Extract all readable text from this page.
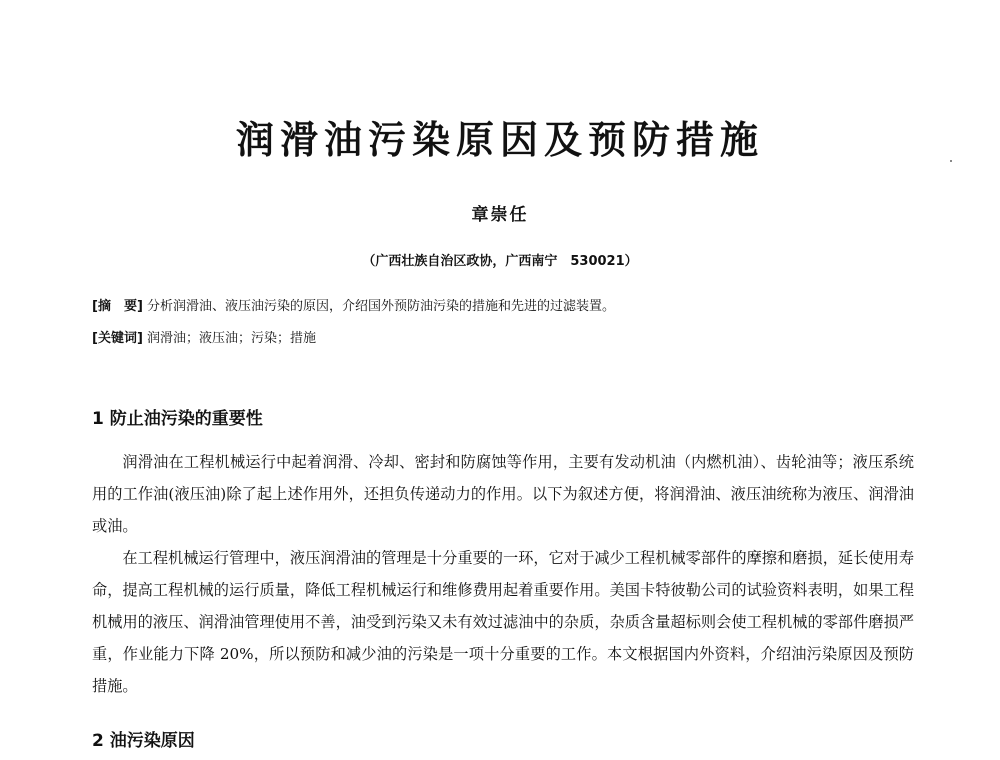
润滑油污染原因及预防措施
章崇任
（广西壮族自治区政协，广西南宁　530021）

[摘　要] 分析润滑油、液压油污染的原因，介绍国外预防油污染的措施和先进的过滤装置。

[关键词] 润滑油；液压油；污染；措施

1 防止油污染的重要性

润滑油在工程机械运行中起着润滑、冷却、密封和防腐蚀等作用，主要有发动机油（内燃机油）、齿轮油等；液压系统用的工作油(液压油)除了起上述作用外，还担负传递动力的作用。以下为叙述方便，将润滑油、液压油统称为液压、润滑油或油。

在工程机械运行管理中，液压润滑油的管理是十分重要的一环，它对于减少工程机械零部件的摩擦和磨损，延长使用寿命，提高工程机械的运行质量，降低工程机械运行和维修费用起着重要作用。美国卡特彼勒公司的试验资料表明，如果工程机械用的液压、润滑油管理使用不善，油受到污染又未有效过滤油中的杂质，杂质含量超标则会使工程机械的零部件磨损严重，作业能力下降 20%，所以预防和减少油的污染是一项十分重要的工作。本文根据国内外资料，介绍油污染原因及预防措施。

2 油污染原因
